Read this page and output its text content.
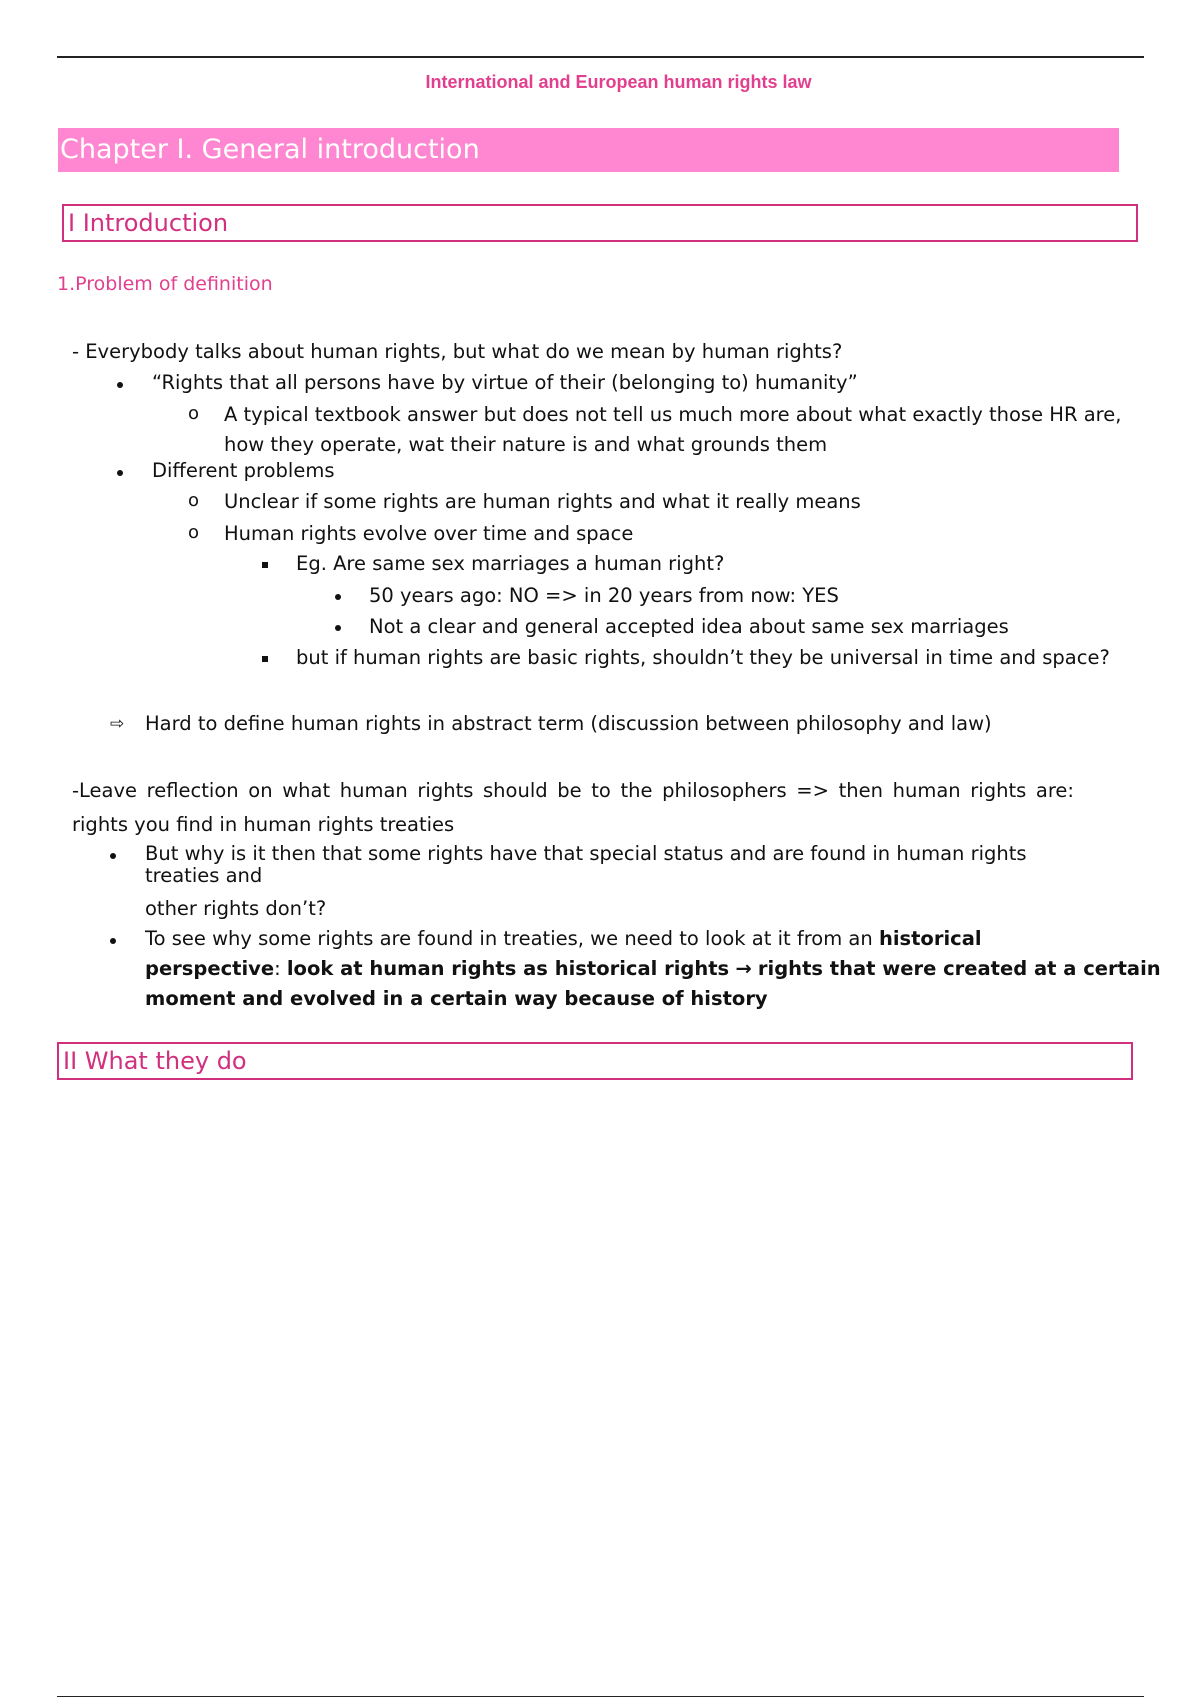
International and European human rights law
Chapter I. General introduction
I Introduction
1.Problem of definition
- Everybody talks about human rights, but what do we mean by human rights?
“Rights that all persons have by virtue of their (belonging to) humanity”
o A typical textbook answer but does not tell us much more about what exactly those HR are,
how they operate, wat their nature is and what grounds them
Different problems
o Unclear if some rights are human rights and what it really means
o Human rights evolve over time and space
Eg. Are same sex marriages a human right?
50 years ago: NO => in 20 years from now: YES
Not a clear and general accepted idea about same sex marriages
but if human rights are basic rights, shouldn’t they be universal in time and space?
⇨ Hard to define human rights in abstract term (discussion between philosophy and law)
-Leave reflection on what human rights should be to the philosophers => then human rights are:
rights you find in human rights treaties
But why is it then that some rights have that special status and are found in human rights
treaties and
other rights don’t?
To see why some rights are found in treaties, we need to look at it from an historical
perspective: look at human rights as historical rights → rights that were created at a certain
moment and evolved in a certain way because of history
II What they do
